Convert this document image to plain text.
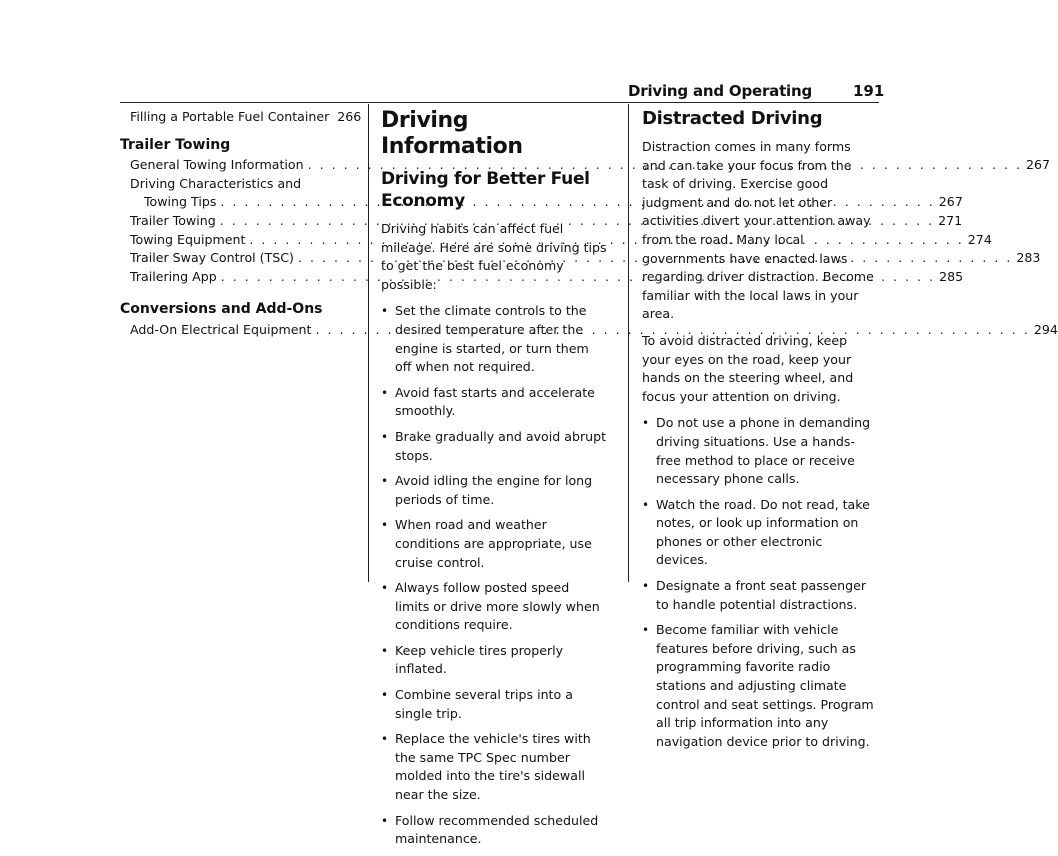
Driving and Operating	191
Filling a Portable Fuel Container 266
Trailer Towing
General Towing Information . . .	267
Driving Characteristics and
Towing Tips . . .	267
Trailer Towing . . .	271
Towing Equipment . . .	274
Trailer Sway Control (TSC) . . .	283
Trailering App . . .	285
Conversions and Add-Ons
Add-On Electrical Equipment . . .	294
Driving Information
Driving for Better Fuel Economy

Driving habits can affect fuel mileage. Here are some driving tips to get the best fuel economy possible:

• Set the climate controls to the desired temperature after the engine is started, or turn them off when not required.
• Avoid fast starts and accelerate smoothly.
• Brake gradually and avoid abrupt stops.
• Avoid idling the engine for long periods of time.
• When road and weather conditions are appropriate, use cruise control.
• Always follow posted speed limits or drive more slowly when conditions require.
• Keep vehicle tires properly inflated.
• Combine several trips into a single trip.
• Replace the vehicle's tires with the same TPC Spec number molded into the tire's sidewall near the size.
• Follow recommended scheduled maintenance.
Distracted Driving

Distraction comes in many forms and can take your focus from the task of driving. Exercise good judgment and do not let other activities divert your attention away from the road. Many local governments have enacted laws regarding driver distraction. Become familiar with the local laws in your area.

To avoid distracted driving, keep your eyes on the road, keep your hands on the steering wheel, and focus your attention on driving.

• Do not use a phone in demanding driving situations. Use a hands-free method to place or receive necessary phone calls.
• Watch the road. Do not read, take notes, or look up information on phones or other electronic devices.
• Designate a front seat passenger to handle potential distractions.
• Become familiar with vehicle features before driving, such as programming favorite radio stations and adjusting climate control and seat settings. Program all trip information into any navigation device prior to driving.
